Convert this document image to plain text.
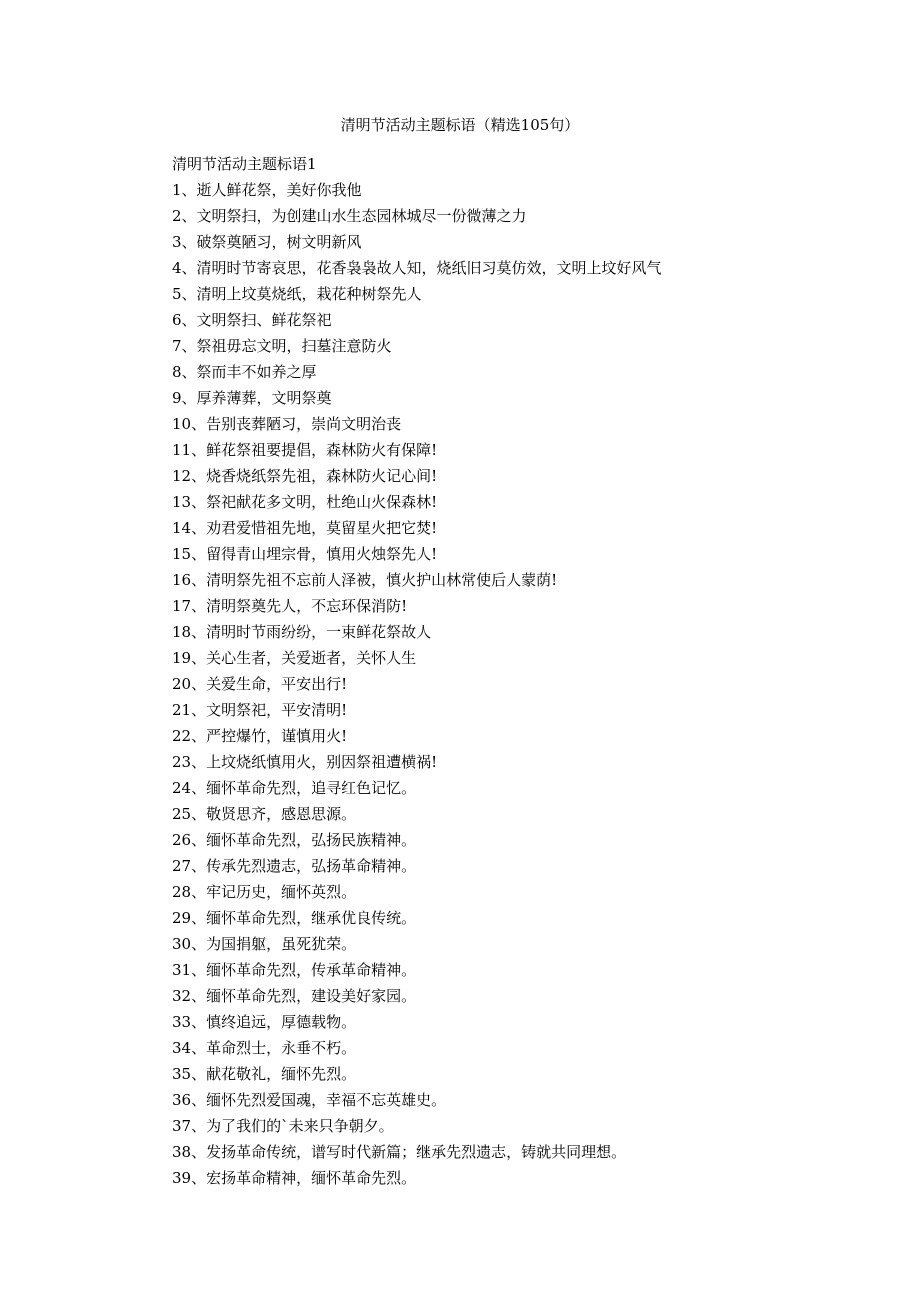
清明节活动主题标语（精选105句）
清明节活动主题标语1
1、逝人鲜花祭，美好你我他
2、文明祭扫，为创建山水生态园林城尽一份微薄之力
3、破祭奠陋习，树文明新风
4、清明时节寄哀思，花香袅袅故人知，烧纸旧习莫仿效，文明上坟好风气
5、清明上坟莫烧纸，栽花种树祭先人
6、文明祭扫、鲜花祭祀
7、祭祖毋忘文明，扫墓注意防火
8、祭而丰不如养之厚
9、厚养薄葬，文明祭奠
10、告别丧葬陋习，崇尚文明治丧
11、鲜花祭祖要提倡，森林防火有保障!
12、烧香烧纸祭先祖，森林防火记心间!
13、祭祀献花多文明，杜绝山火保森林!
14、劝君爱惜祖先地，莫留星火把它焚!
15、留得青山埋宗骨，慎用火烛祭先人!
16、清明祭先祖不忘前人泽被，慎火护山林常使后人蒙荫!
17、清明祭奠先人，不忘环保消防!
18、清明时节雨纷纷，一束鲜花祭故人
19、关心生者，关爱逝者，关怀人生
20、关爱生命，平安出行!
21、文明祭祀，平安清明!
22、严控爆竹，谨慎用火!
23、上坟烧纸慎用火，别因祭祖遭横祸!
24、缅怀革命先烈，追寻红色记忆。
25、敬贤思齐，感恩思源。
26、缅怀革命先烈，弘扬民族精神。
27、传承先烈遗志，弘扬革命精神。
28、牢记历史，缅怀英烈。
29、缅怀革命先烈，继承优良传统。
30、为国捐躯，虽死犹荣。
31、缅怀革命先烈，传承革命精神。
32、缅怀革命先烈，建设美好家园。
33、慎终追远，厚德载物。
34、革命烈士，永垂不朽。
35、献花敬礼，缅怀先烈。
36、缅怀先烈爱国魂，幸福不忘英雄史。
37、为了我们的`未来只争朝夕。
38、发扬革命传统，谱写时代新篇；继承先烈遗志，铸就共同理想。
39、宏扬革命精神，缅怀革命先烈。
